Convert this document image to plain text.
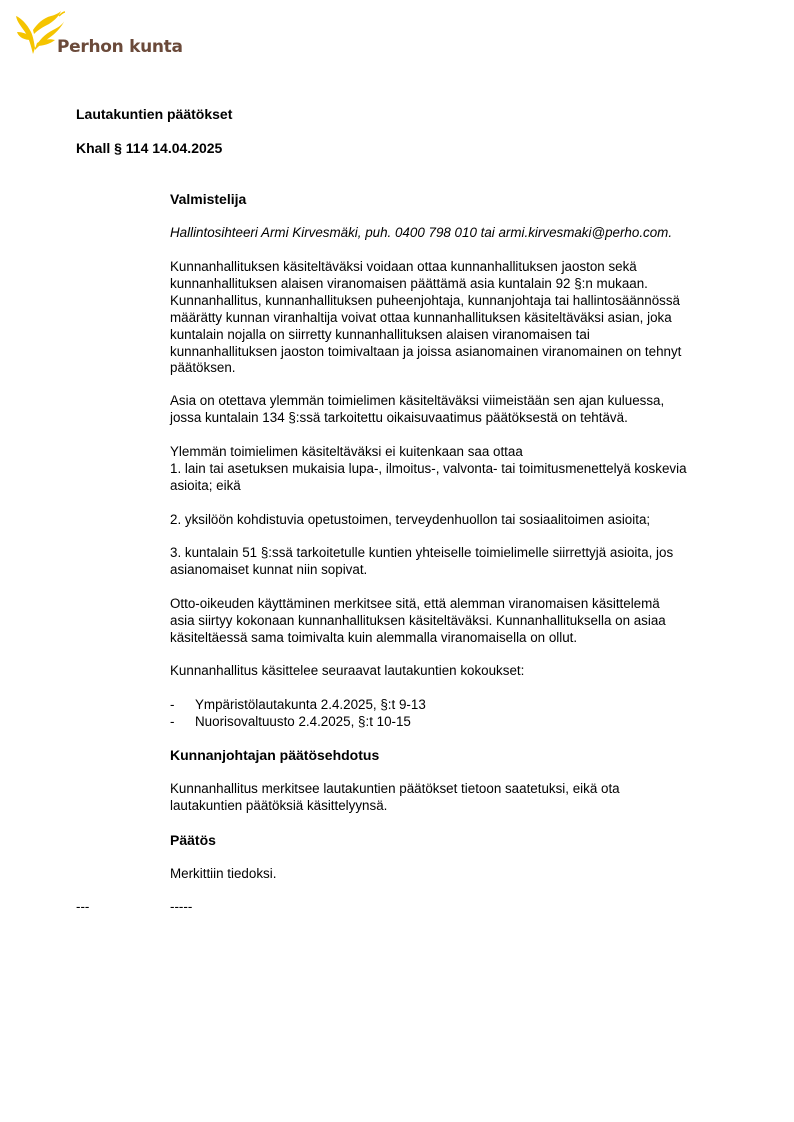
Perhon kunta
Lautakuntien päätökset
Khall § 114 14.04.2025

Valmistelija

Hallintosihteeri Armi Kirvesmäki, puh. 0400 798 010 tai armi.kirvesmaki@perho.com.

Kunnanhallituksen käsiteltäväksi voidaan ottaa kunnanhallituksen jaoston sekä

kunnanhallituksen alaisen viranomaisen päättämä asia kuntalain 92 §:n mukaan.

Kunnanhallitus, kunnanhallituksen puheenjohtaja, kunnanjohtaja tai hallintosäännössä

määrätty kunnan viranhaltija voivat ottaa kunnanhallituksen käsiteltäväksi asian, joka

kuntalain nojalla on siirretty kunnanhallituksen alaisen viranomaisen tai

kunnanhallituksen jaoston toimivaltaan ja joissa asianomainen viranomainen on tehnyt

päätöksen.

Asia on otettava ylemmän toimielimen käsiteltäväksi viimeistään sen ajan kuluessa,

jossa kuntalain 134 §:ssä tarkoitettu oikaisuvaatimus päätöksestä on tehtävä.

Ylemmän toimielimen käsiteltäväksi ei kuitenkaan saa ottaa

1. lain tai asetuksen mukaisia lupa-, ilmoitus-, valvonta- tai toimitusmenettelyä koskevia

asioita; eikä

2. yksilöön kohdistuvia opetustoimen, terveydenhuollon tai sosiaalitoimen asioita;

3. kuntalain 51 §:ssä tarkoitetulle kuntien yhteiselle toimielimelle siirrettyjä asioita, jos

asianomaiset kunnat niin sopivat.

Otto-oikeuden käyttäminen merkitsee sitä, että alemman viranomaisen käsittelemä

asia siirtyy kokonaan kunnanhallituksen käsiteltäväksi. Kunnanhallituksella on asiaa

käsiteltäessä sama toimivalta kuin alemmalla viranomaisella on ollut.

Kunnanhallitus käsittelee seuraavat lautakuntien kokoukset:

-	Ympäristölautakunta 2.4.2025, §:t 9-13
-	Nuorisovaltuusto 2.4.2025, §:t 10-15

Kunnanjohtajan päätösehdotus

Kunnanhallitus merkitsee lautakuntien päätökset tietoon saatetuksi, eikä ota

lautakuntien päätöksiä käsittelyynsä.

Päätös

Merkittiin tiedoksi.

---	-----
